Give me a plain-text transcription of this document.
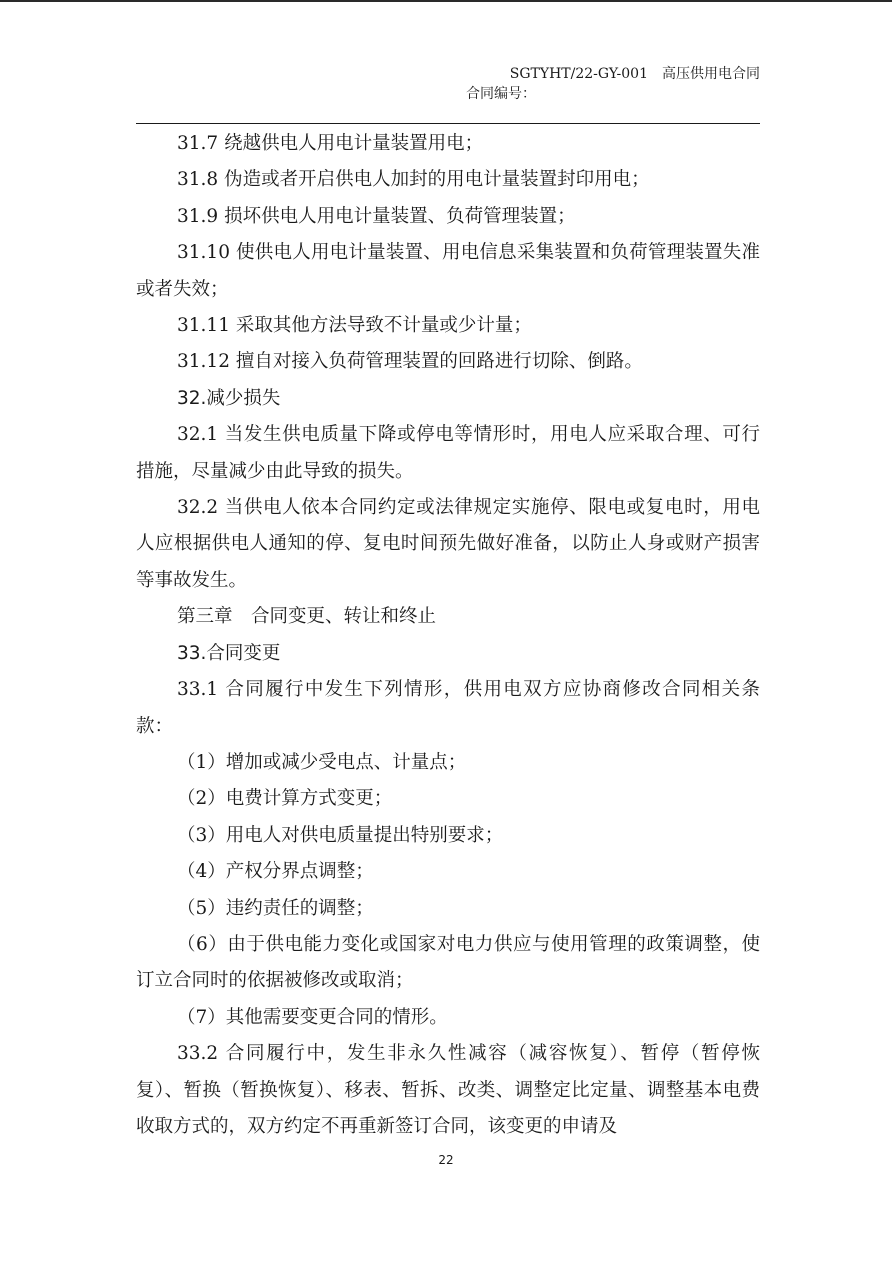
SGTYHT/22-GY-001 高压供用电合同
合同编号：

31.7 绕越供电人用电计量装置用电；

31.8 伪造或者开启供电人加封的用电计量装置封印用电；

31.9 损坏供电人用电计量装置、负荷管理装置；

31.10 使供电人用电计量装置、用电信息采集装置和负荷管理装置失准或者失效；

31.11 采取其他方法导致不计量或少计量；

31.12 擅自对接入负荷管理装置的回路进行切除、倒路。

32.减少损失

32.1 当发生供电质量下降或停电等情形时，用电人应采取合理、可行措施，尽量减少由此导致的损失。

32.2 当供电人依本合同约定或法律规定实施停、限电或复电时，用电人应根据供电人通知的停、复电时间预先做好准备，以防止人身或财产损害等事故发生。

第三章　合同变更、转让和终止

33.合同变更

33.1 合同履行中发生下列情形，供用电双方应协商修改合同相关条款：

（1）增加或减少受电点、计量点；

（2）电费计算方式变更；

（3）用电人对供电质量提出特别要求；

（4）产权分界点调整；

（5）违约责任的调整；

（6）由于供电能力变化或国家对电力供应与使用管理的政策调整，使订立合同时的依据被修改或取消；

（7）其他需要变更合同的情形。

33.2 合同履行中，发生非永久性减容（减容恢复）、暂停（暂停恢复）、暂换（暂换恢复）、移表、暂拆、改类、调整定比定量、调整基本电费收取方式的，双方约定不再重新签订合同，该变更的申请及

22
